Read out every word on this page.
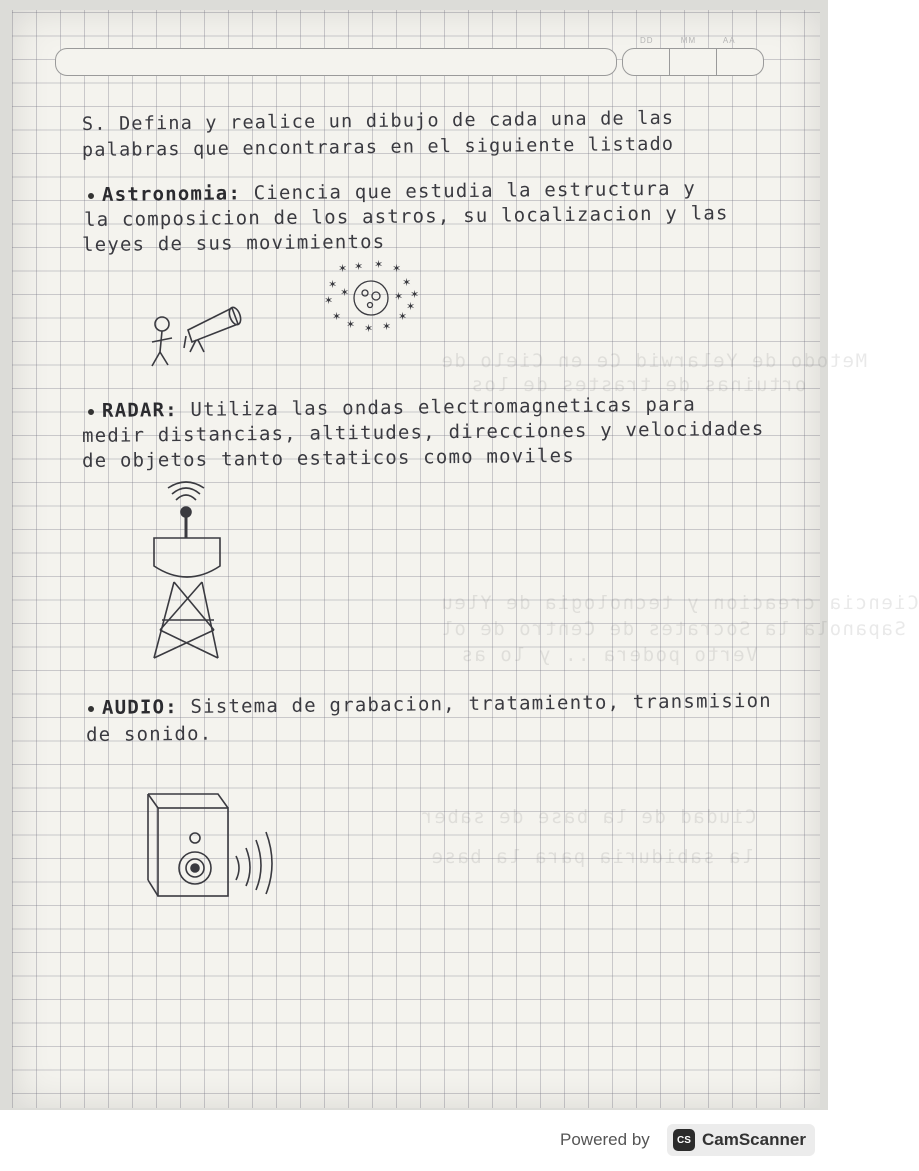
DD	MM	AA
Metodo de Yelarwid Ce en Cielo de
ortuinas de trastes de los
Ciencia creacion y tecnologia de Yleu
Sapanola la Socrates de Centro de ol
Verto podera .. y lo as
Ciudad de la base de saber
la sabiduria para la base
S. Defina y realice un dibujo de cada una de las
palabras que encontraras en el siguiente listado
Astronomia: Ciencia que estudia la estructura y
la composicion de los astros, su localizacion y las
leyes de sus movimientos
RADAR: Utiliza las ondas electromagneticas para
medir distancias, altitudes, direcciones y velocidades
de objetos tanto estaticos como moviles
AUDIO: Sistema de grabacion, tratamiento, transmision
de sonido.
✶ ✶ ✶ ✶
✶	✶
✶
✶
✶
✶ ✶ ✶
✶
✶
✶	✶
Powered by	CS CamScanner
